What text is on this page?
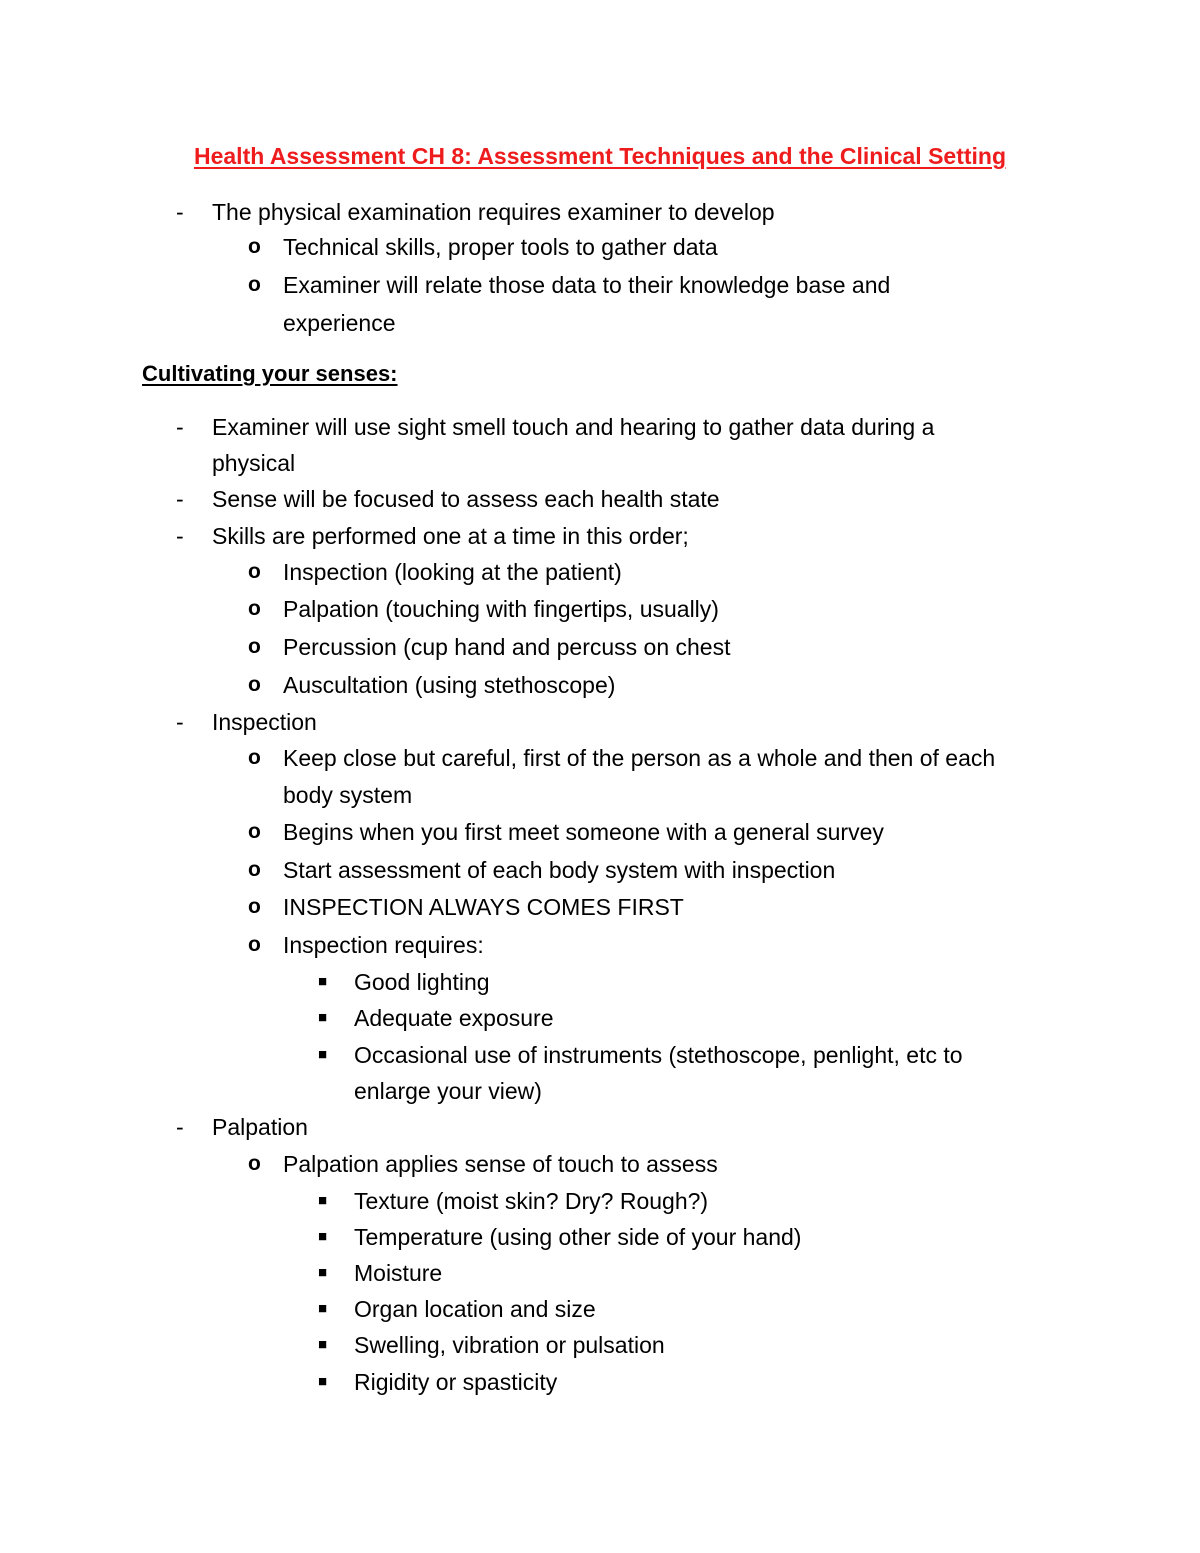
Health Assessment CH 8: Assessment Techniques and the Clinical Setting
-	The physical examination requires examiner to develop
o Technical skills, proper tools to gather data
o Examiner will relate those data to their knowledge base and
experience
Cultivating your senses:
-	Examiner will use sight smell touch and hearing to gather data during a
physical
-	Sense will be focused to assess each health state
-	Skills are performed one at a time in this order;
o Inspection (looking at the patient)
o Palpation (touching with fingertips, usually)
o Percussion (cup hand and percuss on chest
o Auscultation (using stethoscope)
-	Inspection
o Keep close but careful, first of the person as a whole and then of each
body system
o Begins when you first meet someone with a general survey
o Start assessment of each body system with inspection
o INSPECTION ALWAYS COMES FIRST
o Inspection requires:
■ Good lighting
■ Adequate exposure
■ Occasional use of instruments (stethoscope, penlight, etc to
enlarge your view)
-	Palpation
o Palpation applies sense of touch to assess
■ Texture (moist skin? Dry? Rough?)
■ Temperature (using other side of your hand)
■ Moisture
■ Organ location and size
■ Swelling, vibration or pulsation
■ Rigidity or spasticity
